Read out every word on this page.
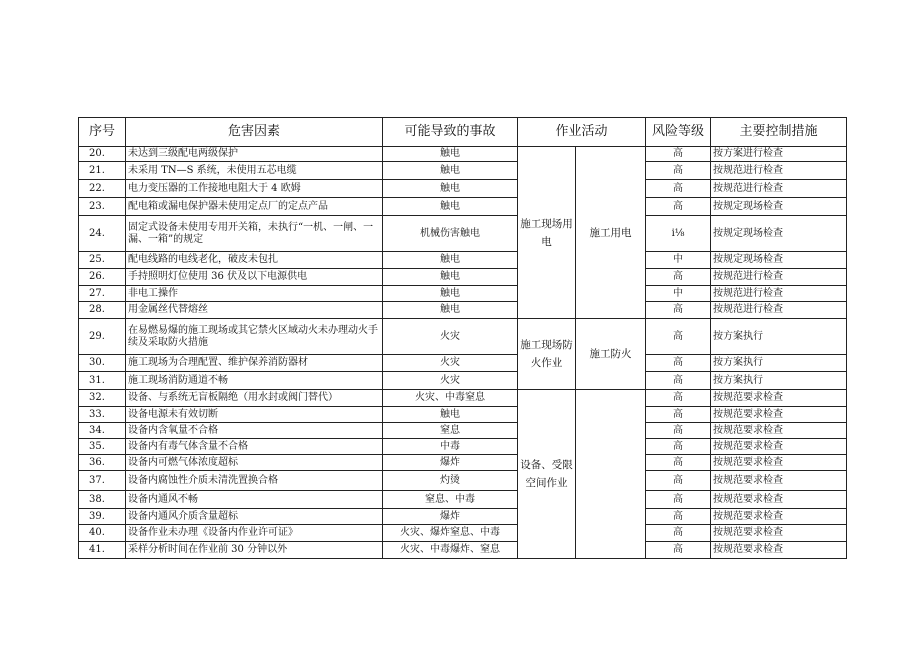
序号	危害因素	可能导致的事故	作业活动		风险等级	主要控制措施
20.	未达到三级配电两级保护	触电	施工现场用电	施工用电	高	按方案进行检查
21.	未采用 TN—S 系统，未使用五芯电缆	触电			高	按规范进行检查
22.	电力变压器的工作接地电阻大于 4 欧姆	触电			高	按规范进行检查
23.	配电箱或漏电保护器未使用定点厂的定点产品	触电			高	按规定现场检查
24.	固定式设备未使用专用开关箱，未执行“一机、一闸、一漏、一箱”的规定	机械伤害触电			i⅛	按规定现场检查
25.	配电线路的电线老化，破皮未包扎	触电			中	按规定现场检查
26.	手持照明灯位使用 36 伏及以下电源供电	触电			高	按规范进行检查
27.	非电工操作	触电			中	按规范进行检查
28.	用金属丝代替熔丝	触电			高	按规范进行检查
29.	在易燃易爆的施工现场或其它禁火区域动火未办理动火手续及采取防火措施	火灾	施工现场防火作业	施工防火	高	按方案执行
30.	施工现场为合理配置、维护保养消防器材	火灾			高	按方案执行
31.	施工现场消防通道不畅	火灾			高	按方案执行
32.	设备、与系统无盲板隔绝（用水封或阀门替代）	火灾、中毒窒息	设备、受限空间作业		高	按规范要求检查
33.	设备电源未有效切断	触电			高	按规范要求检查
34.	设备内含氧量不合格	窒息			高	按规范要求检查
35.	设备内有毒气体含量不合格	中毒			高	按规范要求检查
36.	设备内可燃气体浓度超标	爆炸			高	按规范要求检查
37.	设备内腐蚀性介质未清洗置换合格	灼烫			高	按规范要求检查
38.	设备内通风不畅	窒息、中毒			高	按规范要求检查
39.	设备内通风介质含量超标	爆炸			高	按规范要求检查
40.	设备作业未办理《设备内作业许可证》	火灾、爆炸窒息、中毒			高	按规范要求检查
41.	采样分析时间在作业前 30 分钟以外	火灾、中毒爆炸、窒息			高	按规范要求检查
